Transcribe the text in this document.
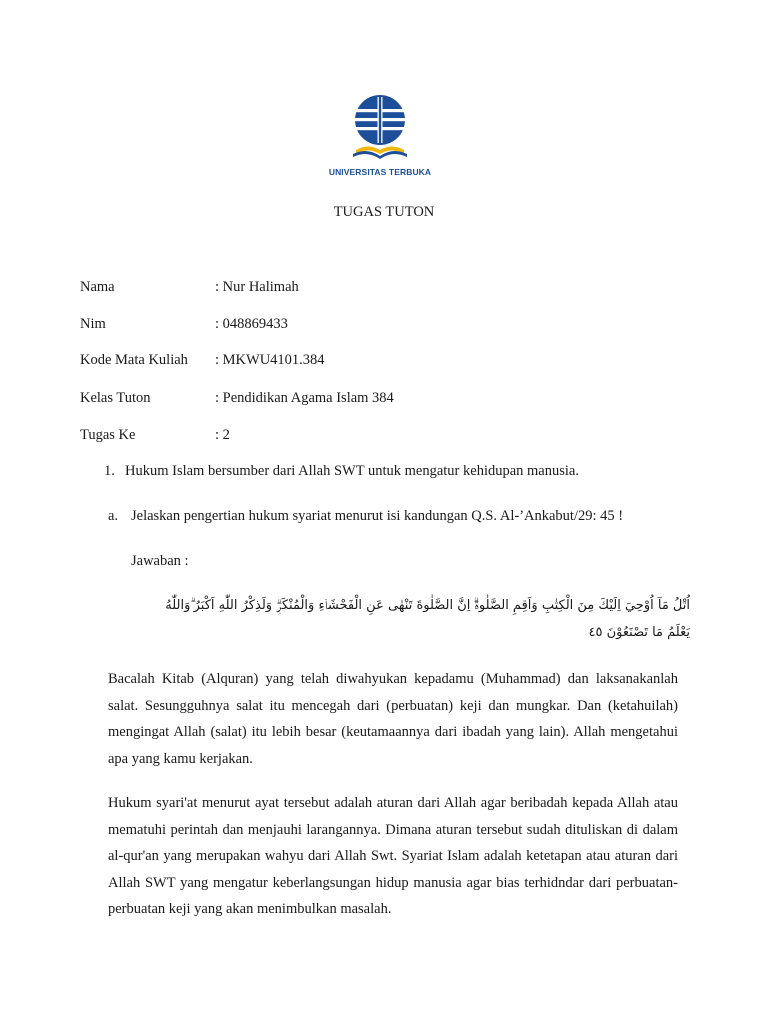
UNIVERSITAS TERBUKA
TUGAS TUTON
Nama	: Nur Halimah
Nim	: 048869433
Kode Mata Kuliah : MKWU4101.384
Kelas Tuton	: Pendidikan Agama Islam 384
Tugas Ke	: 2
1. Hukum Islam bersumber dari Allah SWT untuk mengatur kehidupan manusia.
a. Jelaskan pengertian hukum syariat menurut isi kandungan Q.S. Al-’Ankabut/29: 45 !
Jawaban :
اُتْلُ مَآ اُوْحِيَ اِلَيْكَ مِنَ الْكِتٰبِ وَاَقِمِ الصَّلٰوةَۗ اِنَّ الصَّلٰوةَ تَنْهٰى عَنِ الْفَحْشَاۤءِ وَالْمُنْكَرِۗ وَلَذِكْرُ اللّٰهِ اَكْبَرُ ۗوَاللّٰهُ يَعْلَمُ مَا تَصْنَعُوْنَ ٤٥
Bacalah Kitab (Alquran) yang telah diwahyukan kepadamu (Muhammad) dan laksanakanlah salat. Sesungguhnya salat itu mencegah dari (perbuatan) keji dan mungkar. Dan (ketahuilah) mengingat Allah (salat) itu lebih besar (keutamaannya dari ibadah yang lain). Allah mengetahui apa yang kamu kerjakan.
Hukum syari'at menurut ayat tersebut adalah aturan dari Allah agar beribadah kepada Allah atau mematuhi perintah dan menjauhi larangannya. Dimana aturan tersebut sudah dituliskan di dalam al-qur'an yang merupakan wahyu dari Allah Swt. Syariat Islam adalah ketetapan atau aturan dari Allah SWT yang mengatur keberlangsungan hidup manusia agar bias terhidndar dari perbuatan-perbuatan keji yang akan menimbulkan masalah.
